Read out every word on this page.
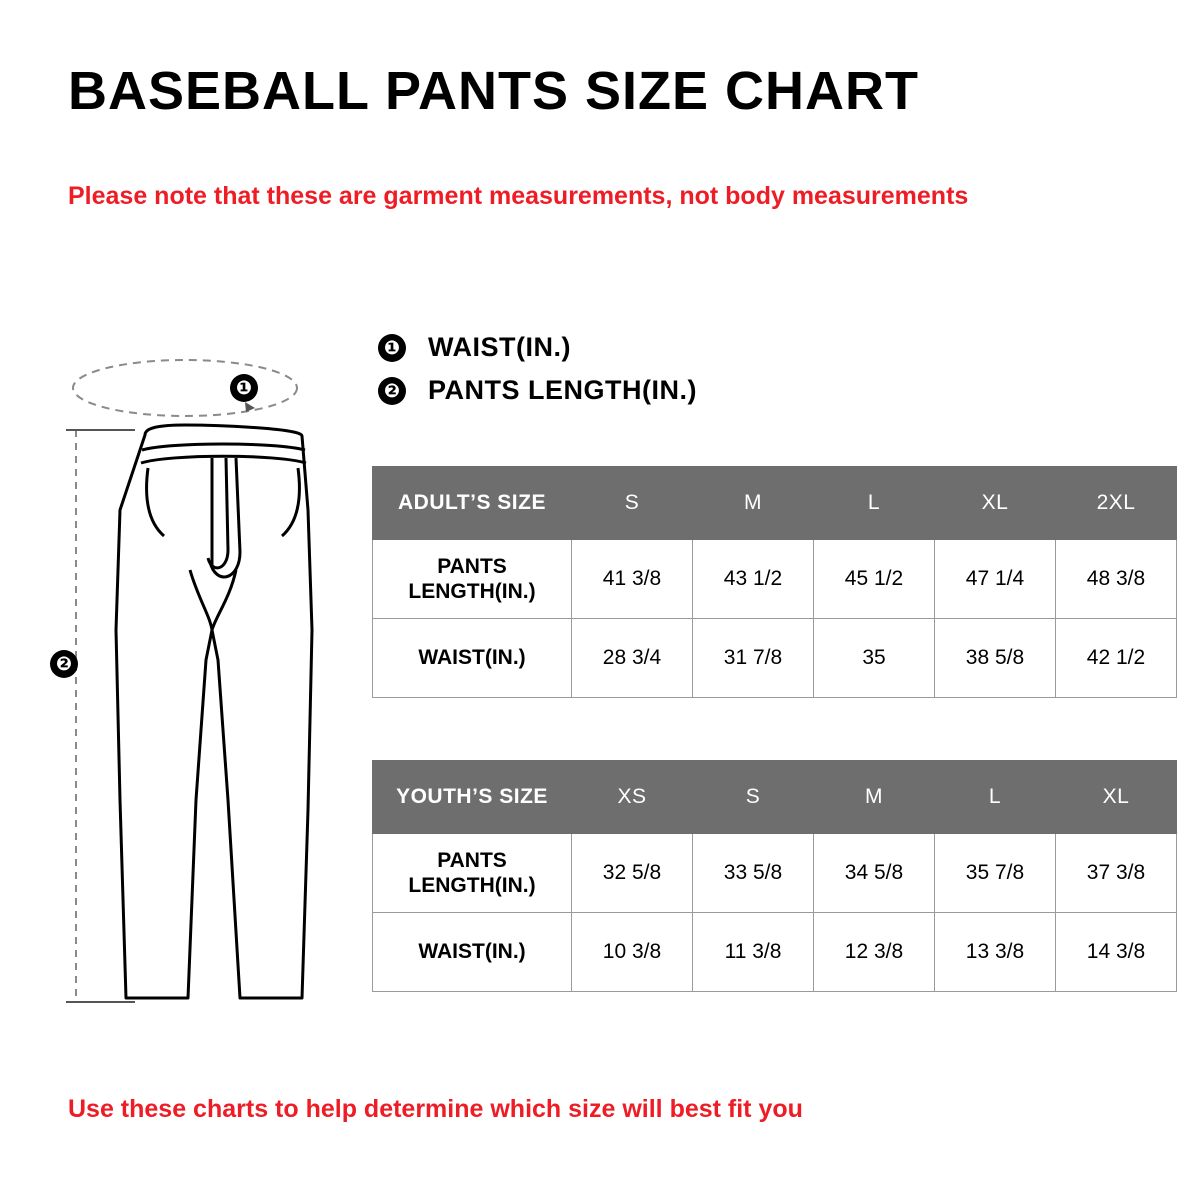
BASEBALL PANTS SIZE CHART
Please note that these are garment measurements, not body measurements
❶ WAIST(IN.)
❷ PANTS LENGTH(IN.)
❶
❷
ADULT’S SIZE	S	M	L	XL	2XL
PANTS LENGTH(IN.)	41 3/8	43 1/2	45 1/2	47 1/4	48 3/8
WAIST(IN.)	28 3/4	31 7/8	35	38 5/8	42 1/2
YOUTH’S SIZE	XS	S	M	L	XL
PANTS LENGTH(IN.)	32 5/8	33 5/8	34 5/8	35 7/8	37 3/8
WAIST(IN.)	10 3/8	11 3/8	12 3/8	13 3/8	14 3/8
Use these charts to help determine which size will best fit you
